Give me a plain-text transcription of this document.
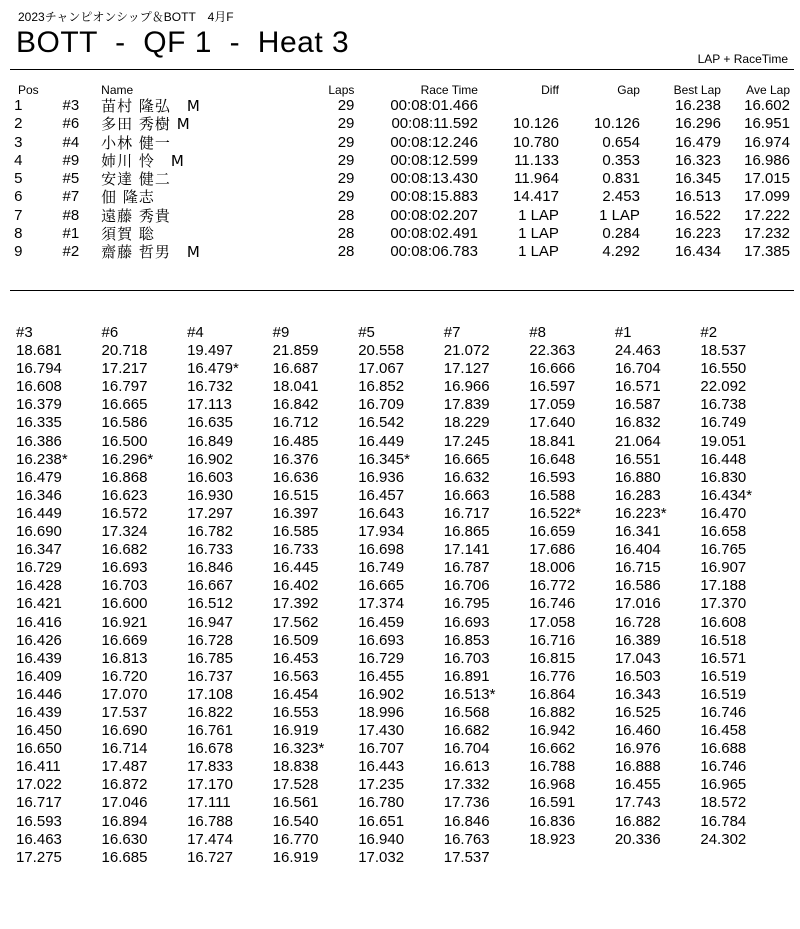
2023チャンピオンシップ＆BOTT　4月F
BOTT  -  QF 1  -  Heat 3	LAP + RaceTime
Pos		Name	Laps	Race Time	Diff	Gap	Best Lap	Ave Lap
1	#3	苗村 隆弘　M	29	00:08:01.466			16.238	16.602
2	#6	多田 秀樹 M	29	00:08:11.592	10.126	10.126	16.296	16.951
3	#4	小林 健一	29	00:08:12.246	10.780	0.654	16.479	16.974
4	#9	姉川 怜　M	29	00:08:12.599	11.133	0.353	16.323	16.986
5	#5	安達 健二	29	00:08:13.430	11.964	0.831	16.345	17.015
6	#7	佃 隆志	29	00:08:15.883	14.417	2.453	16.513	17.099
7	#8	遠藤 秀貴	28	00:08:02.207	1 LAP	1 LAP	16.522	17.222
8	#1	須賀 聡	28	00:08:02.491	1 LAP	0.284	16.223	17.232
9	#2	齋藤 哲男　M	28	00:08:06.783	1 LAP	4.292	16.434	17.385
#3	#6	#4	#9	#5	#7	#8	#1	#2
18.681	20.718	19.497	21.859	20.558	21.072	22.363	24.463	18.537
16.794	17.217	16.479*	16.687	17.067	17.127	16.666	16.704	16.550
16.608	16.797	16.732	18.041	16.852	16.966	16.597	16.571	22.092
16.379	16.665	17.113	16.842	16.709	17.839	17.059	16.587	16.738
16.335	16.586	16.635	16.712	16.542	18.229	17.640	16.832	16.749
16.386	16.500	16.849	16.485	16.449	17.245	18.841	21.064	19.051
16.238*	16.296*	16.902	16.376	16.345*	16.665	16.648	16.551	16.448
16.479	16.868	16.603	16.636	16.936	16.632	16.593	16.880	16.830
16.346	16.623	16.930	16.515	16.457	16.663	16.588	16.283	16.434*
16.449	16.572	17.297	16.397	16.643	16.717	16.522*	16.223*	16.470
16.690	17.324	16.782	16.585	17.934	16.865	16.659	16.341	16.658
16.347	16.682	16.733	16.733	16.698	17.141	17.686	16.404	16.765
16.729	16.693	16.846	16.445	16.749	16.787	18.006	16.715	16.907
16.428	16.703	16.667	16.402	16.665	16.706	16.772	16.586	17.188
16.421	16.600	16.512	17.392	17.374	16.795	16.746	17.016	17.370
16.416	16.921	16.947	17.562	16.459	16.693	17.058	16.728	16.608
16.426	16.669	16.728	16.509	16.693	16.853	16.716	16.389	16.518
16.439	16.813	16.785	16.453	16.729	16.703	16.815	17.043	16.571
16.409	16.720	16.737	16.563	16.455	16.891	16.776	16.503	16.519
16.446	17.070	17.108	16.454	16.902	16.513*	16.864	16.343	16.519
16.439	17.537	16.822	16.553	18.996	16.568	16.882	16.525	16.746
16.450	16.690	16.761	16.919	17.430	16.682	16.942	16.460	16.458
16.650	16.714	16.678	16.323*	16.707	16.704	16.662	16.976	16.688
16.411	17.487	17.833	18.838	16.443	16.613	16.788	16.888	16.746
17.022	16.872	17.170	17.528	17.235	17.332	16.968	16.455	16.965
16.717	17.046	17.111	16.561	16.780	17.736	16.591	17.743	18.572
16.593	16.894	16.788	16.540	16.651	16.846	16.836	16.882	16.784
16.463	16.630	17.474	16.770	16.940	16.763	18.923	20.336	24.302
17.275	16.685	16.727	16.919	17.032	17.537			
